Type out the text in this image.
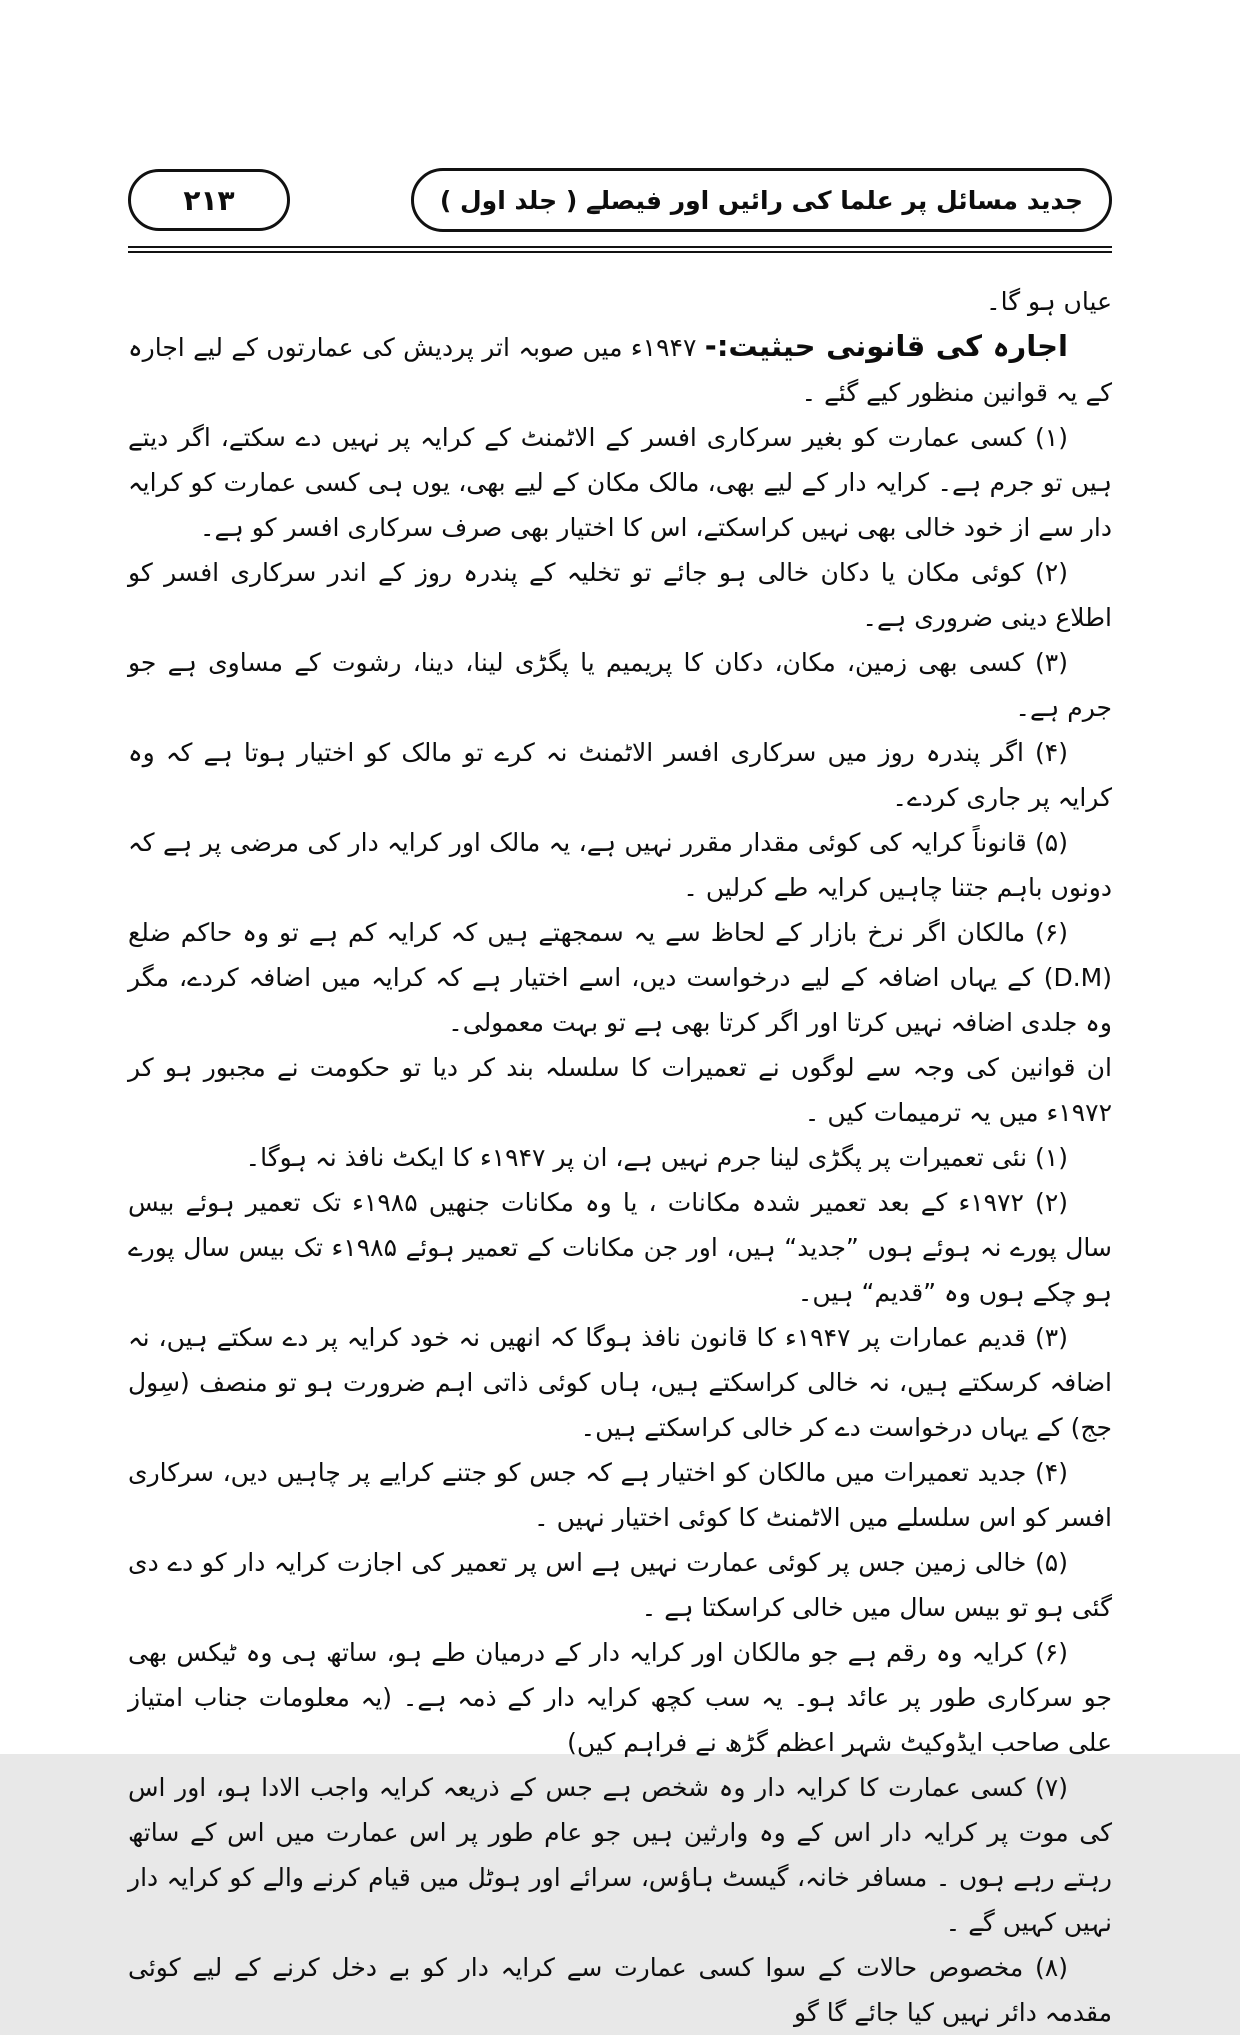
۲۱۳	جدید مسائل پر علما کی رائیں اور فیصلے ( جلد اول )

عیاں ہو گا۔

اجارہ کی قانونی حیثیت:- ۱۹۴۷ء میں صوبہ اتر پردیش کی عمارتوں کے لیے اجارہ کے یہ قوانین منظور کیے گئے ۔

(۱) کسی عمارت کو بغیر سرکاری افسر کے الاٹمنٹ کے کرایہ پر نہیں دے سکتے، اگر دیتے ہیں تو جرم ہے۔ کرایہ دار کے لیے بھی، مالک مکان کے لیے بھی، یوں ہی کسی عمارت کو کرایہ دار سے از خود خالی بھی نہیں کراسکتے، اس کا اختیار بھی صرف سرکاری افسر کو ہے۔

(۲) کوئی مکان یا دکان خالی ہو جائے تو تخلیہ کے پندرہ روز کے اندر سرکاری افسر کو اطلاع دینی ضروری ہے۔

(۳) کسی بھی زمین، مکان، دکان کا پریمیم یا پگڑی لینا، دینا، رشوت کے مساوی ہے جو جرم ہے۔

(۴) اگر پندرہ روز میں سرکاری افسر الاٹمنٹ نہ کرے تو مالک کو اختیار ہوتا ہے کہ وہ کرایہ پر جاری کردے۔

(۵) قانوناً کرایہ کی کوئی مقدار مقرر نہیں ہے، یہ مالک اور کرایہ دار کی مرضی پر ہے کہ دونوں باہم جتنا چاہیں کرایہ طے کرلیں ۔

(۶) مالکان اگر نرخ بازار کے لحاظ سے یہ سمجھتے ہیں کہ کرایہ کم ہے تو وہ حاکم ضلع (D.M) کے یہاں اضافہ کے لیے درخواست دیں، اسے اختیار ہے کہ کرایہ میں اضافہ کردے، مگر وہ جلدی اضافہ نہیں کرتا اور اگر کرتا بھی ہے تو بہت معمولی۔

ان قوانین کی وجہ سے لوگوں نے تعمیرات کا سلسلہ بند کر دیا تو حکومت نے مجبور ہو کر ۱۹۷۲ء میں یہ ترمیمات کیں ۔

(۱) نئی تعمیرات پر پگڑی لینا جرم نہیں ہے، ان پر ۱۹۴۷ء کا ایکٹ نافذ نہ ہوگا۔

(۲) ۱۹۷۲ء کے بعد تعمیر شدہ مکانات ، یا وہ مکانات جنھیں ۱۹۸۵ء تک تعمیر ہوئے بیس سال پورے نہ ہوئے ہوں ”جدید“ ہیں، اور جن مکانات کے تعمیر ہوئے ۱۹۸۵ء تک بیس سال پورے ہو چکے ہوں وہ ”قدیم“ ہیں۔

(۳) قدیم عمارات پر ۱۹۴۷ء کا قانون نافذ ہوگا کہ انھیں نہ خود کرایہ پر دے سکتے ہیں، نہ اضافہ کرسکتے ہیں، نہ خالی کراسکتے ہیں، ہاں کوئی ذاتی اہم ضرورت ہو تو منصف (سِول جج) کے یہاں درخواست دے کر خالی کراسکتے ہیں۔

(۴) جدید تعمیرات میں مالکان کو اختیار ہے کہ جس کو جتنے کرایے پر چاہیں دیں، سرکاری افسر کو اس سلسلے میں الاٹمنٹ کا کوئی اختیار نہیں ۔

(۵) خالی زمین جس پر کوئی عمارت نہیں ہے اس پر تعمیر کی اجازت کرایہ دار کو دے دی گئی ہو تو بیس سال میں خالی کراسکتا ہے ۔

(۶) کرایہ وہ رقم ہے جو مالکان اور کرایہ دار کے درمیان طے ہو، ساتھ ہی وہ ٹیکس بھی جو سرکاری طور پر عائد ہو۔ یہ سب کچھ کرایہ دار کے ذمہ ہے۔ (یہ معلومات جناب امتیاز علی صاحب ایڈوکیٹ شہر اعظم گڑھ نے فراہم کیں)

(۷) کسی عمارت کا کرایہ دار وہ شخص ہے جس کے ذریعہ کرایہ واجب الادا ہو، اور اس کی موت پر کرایہ دار اس کے وہ وارثین ہیں جو عام طور پر اس عمارت میں اس کے ساتھ رہتے رہے ہوں ۔ مسافر خانہ، گیسٹ ہاؤس، سرائے اور ہوٹل میں قیام کرنے والے کو کرایہ دار نہیں کہیں گے ۔

(۸) مخصوص حالات کے سوا کسی عمارت سے کرایہ دار کو بے دخل کرنے کے لیے کوئی مقدمہ دائر نہیں کیا جائے گا گو
